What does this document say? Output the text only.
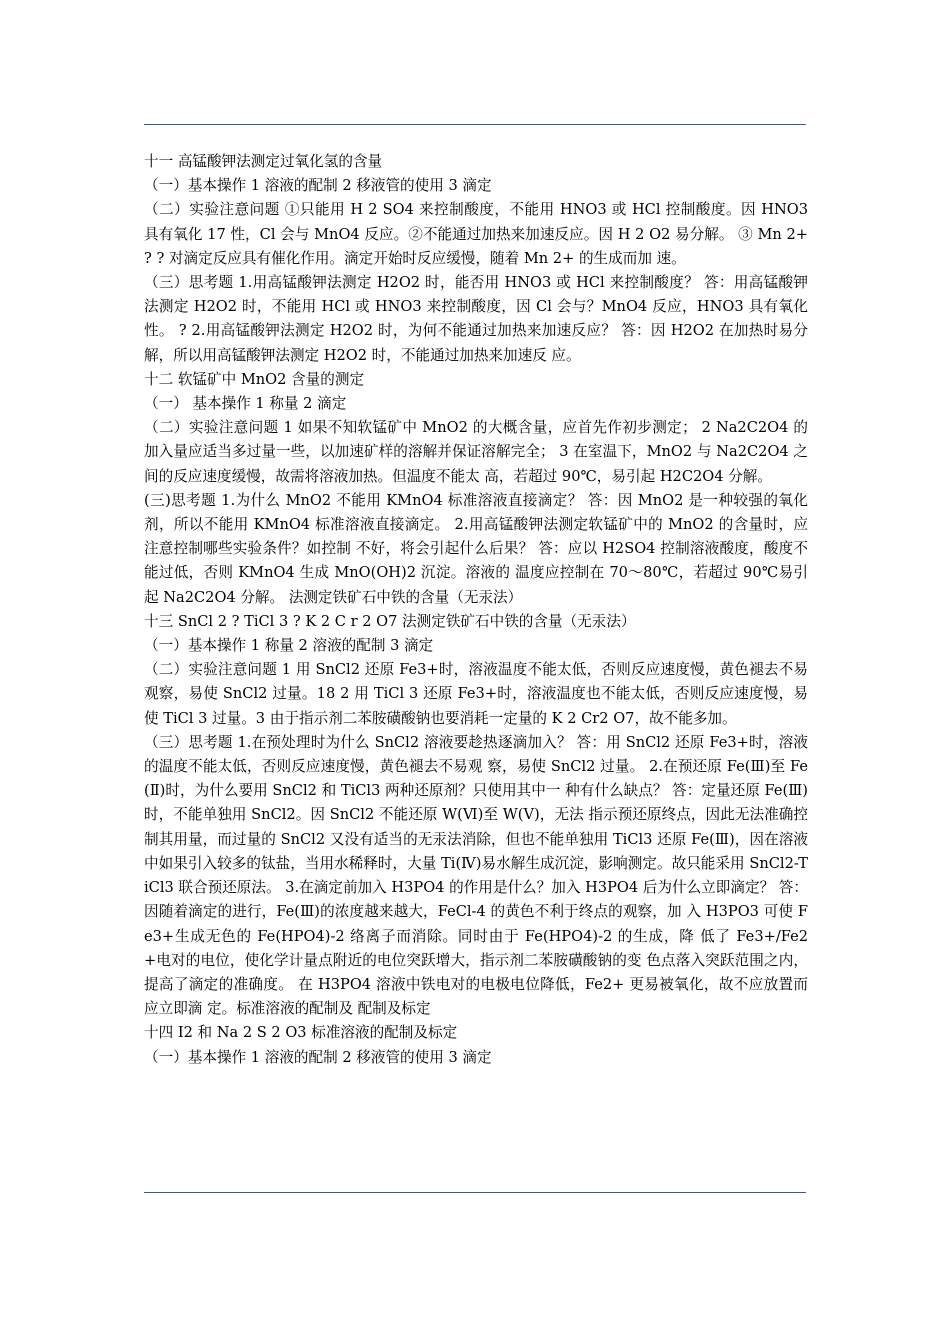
十一 高锰酸钾法测定过氧化氢的含量

（一）基本操作 1 溶液的配制 2 移液管的使用 3 滴定

（二）实验注意问题 ①只能用 H 2 SO4 来控制酸度，不能用 HNO3 或 HCl 控制酸度。因 HNO3 具有氧化 17 性，Cl 会与 MnO4 反应。②不能通过加热来加速反应。因 H 2 O2 易分解。 ③ Mn 2+ ? ? 对滴定反应具有催化作用。滴定开始时反应缓慢，随着 Mn 2+ 的生成而加 速。

（三）思考题 1.用高锰酸钾法测定 H2O2 时，能否用 HNO3 或 HCl 来控制酸度？ 答：用高锰酸钾法测定 H2O2 时，不能用 HCl 或 HNO3 来控制酸度，因 Cl 会与？MnO4 反应，HNO3 具有氧化性。 ? 2.用高锰酸钾法测定 H2O2 时，为何不能通过加热来加速反应？ 答：因 H2O2 在加热时易分解，所以用高锰酸钾法测定 H2O2 时，不能通过加热来加速反 应。

十二 软锰矿中 MnO2 含量的测定

（一） 基本操作 1 称量 2 滴定

（二）实验注意问题 1 如果不知软锰矿中 MnO2 的大概含量，应首先作初步测定； 2 Na2C2O4 的加入量应适当多过量一些，以加速矿样的溶解并保证溶解完全； 3 在室温下，MnO2 与 Na2C2O4 之间的反应速度缓慢，故需将溶液加热。但温度不能太 高，若超过 90℃，易引起 H2C2O4 分解。

(三)思考题 1.为什么 MnO2 不能用 KMnO4 标准溶液直接滴定？ 答：因 MnO2 是一种较强的氧化剂，所以不能用 KMnO4 标准溶液直接滴定。 2.用高锰酸钾法测定软锰矿中的 MnO2 的含量时，应注意控制哪些实验条件？如控制 不好，将会引起什么后果？ 答：应以 H2SO4 控制溶液酸度，酸度不能过低，否则 KMnO4 生成 MnO(OH)2 沉淀。溶液的 温度应控制在 70～80℃，若超过 90℃易引起 Na2C2O4 分解。 法测定铁矿石中铁的含量（无汞法）

十三 SnCl 2 ? TiCl 3 ? K 2 C r 2 O7 法测定铁矿石中铁的含量（无汞法）

（一）基本操作 1 称量 2 溶液的配制 3 滴定

（二）实验注意问题 1 用 SnCl2 还原 Fe3+时，溶液温度不能太低，否则反应速度慢，黄色褪去不易观察，易使 SnCl2 过量。18 2 用 TiCl 3 还原 Fe3+时，溶液温度也不能太低，否则反应速度慢，易使 TiCl 3 过量。3 由于指示剂二苯胺磺酸钠也要消耗一定量的 K 2 Cr2 O7，故不能多加。

（三）思考题 1.在预处理时为什么 SnCl2 溶液要趁热逐滴加入？ 答：用 SnCl2 还原 Fe3+时，溶液的温度不能太低，否则反应速度慢，黄色褪去不易观 察，易使 SnCl2 过量。 2.在预还原 Fe(Ⅲ)至 Fe(Ⅱ)时，为什么要用 SnCl2 和 TiCl3 两种还原剂？只使用其中一 种有什么缺点？ 答：定量还原 Fe(Ⅲ)时，不能单独用 SnCl2。因 SnCl2 不能还原 W(Ⅵ)至 W(Ⅴ)，无法 指示预还原终点，因此无法准确控制其用量，而过量的 SnCl2 又没有适当的无汞法消除，但也不能单独用 TiCl3 还原 Fe(Ⅲ)，因在溶液中如果引入较多的钛盐，当用水稀释时，大量 Ti(Ⅳ)易水解生成沉淀，影响测定。故只能采用 SnCl2-TiCl3 联合预还原法。 3.在滴定前加入 H3PO4 的作用是什么？加入 H3PO4 后为什么立即滴定？ 答：因随着滴定的进行，Fe(Ⅲ)的浓度越来越大，FeCl-4 的黄色不利于终点的观察，加 入 H3PO3 可使 Fe3+生成无色的 Fe(HPO4)-2 络离子而消除。同时由于 Fe(HPO4)-2 的生成，降 低了 Fe3+/Fe2+电对的电位，使化学计量点附近的电位突跃增大，指示剂二苯胺磺酸钠的变 色点落入突跃范围之内，提高了滴定的准确度。 在 H3PO4 溶液中铁电对的电极电位降低，Fe2+ 更易被氧化，故不应放置而应立即滴 定。标准溶液的配制及 配制及标定

十四 I2 和 Na 2 S 2 O3 标准溶液的配制及标定

（一）基本操作 1 溶液的配制 2 移液管的使用 3 滴定
